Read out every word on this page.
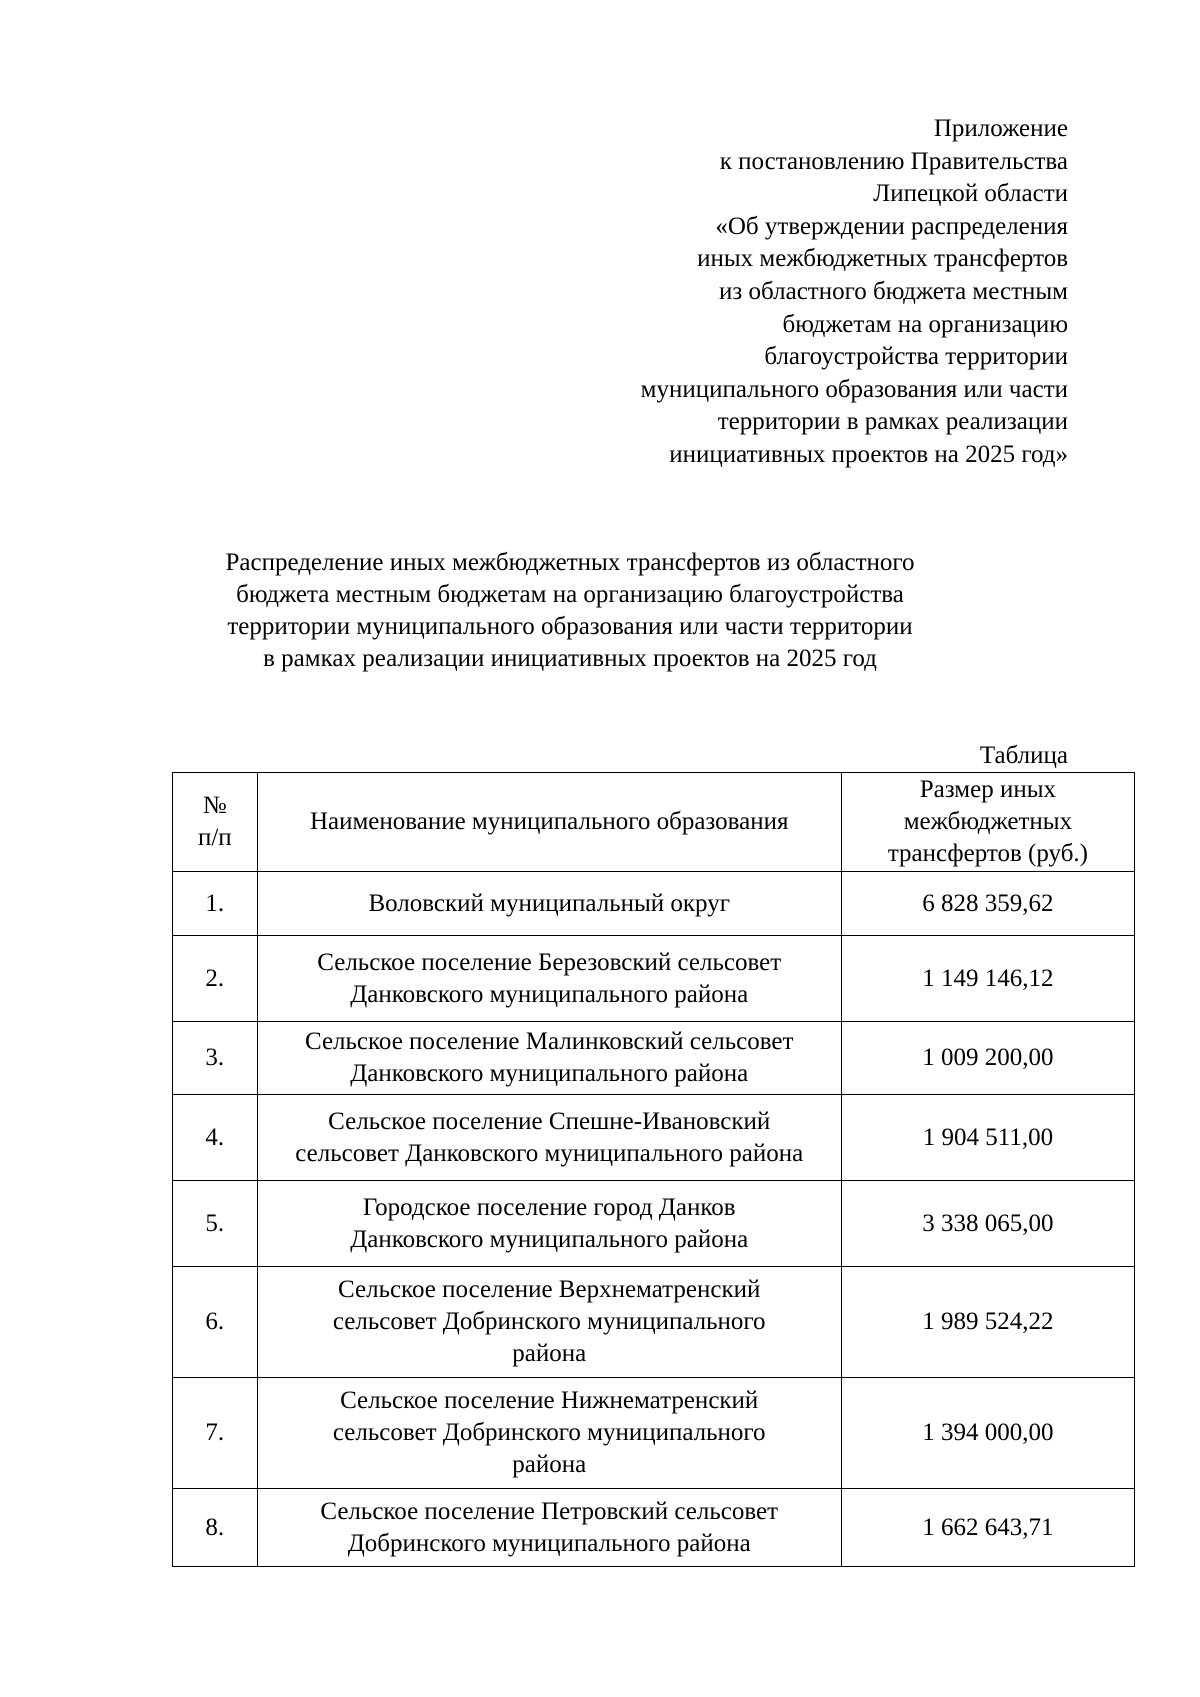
Приложение
к постановлению Правительства
Липецкой области
«Об утверждении распределения
иных межбюджетных трансфертов
из областного бюджета местным
бюджетам на организацию
благоустройства территории
муниципального образования или части
территории в рамках реализации
инициативных проектов на 2025 год»
Распределение иных межбюджетных трансфертов из областного
бюджета местным бюджетам на организацию благоустройства
территории муниципального образования или части территории
в рамках реализации инициативных проектов на 2025 год
Таблица
№
п/п	Наименование муниципального образования	Размер иных
межбюджетных
трансфертов (руб.)

1.	Воловский муниципальный округ	6 828 359,62
2.	Сельское поселение Березовский сельсовет
Данковского муниципального района	1 149 146,12
3.	Сельское поселение Малинковский сельсовет
Данковского муниципального района	1 009 200,00
4.	Сельское поселение Спешне-Ивановский
сельсовет Данковского муниципального района	1 904 511,00
5.	Городское поселение город Данков
Данковского муниципального района	3 338 065,00
6.	Сельское поселение Верхнематренский
сельсовет Добринского муниципального
района	1 989 524,22
7.	Сельское поселение Нижнематренский
сельсовет Добринского муниципального
района	1 394 000,00
8.	Сельское поселение Петровский сельсовет
Добринского муниципального района	1 662 643,71
